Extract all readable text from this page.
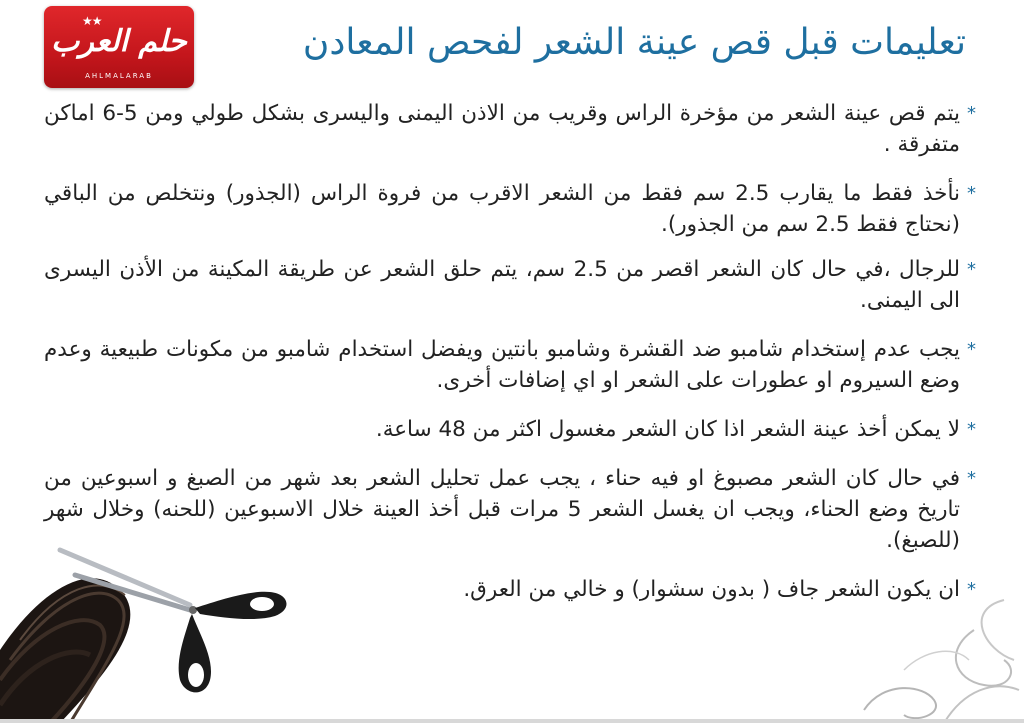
★★
حلم العرب
AHLMALARAB
تعليمات قبل قص عينة الشعر لفحص المعادن
*
يتم قص عينة الشعر من مؤخرة الراس وقريب من الاذن اليمنى واليسرى بشكل طولي ومن 5-6 اماكن متفرقة .
*
نأخذ فقط ما يقارب 2.5 سم فقط من الشعر الاقرب من فروة الراس (الجذور) ونتخلص من الباقي (نحتاج فقط 2.5 سم من الجذور).
*
للرجال ،في حال كان الشعر اقصر من 2.5 سم، يتم حلق الشعر عن طريقة المكينة من الأذن اليسرى الى اليمنى.
*
يجب عدم إستخدام شامبو ضد القشرة وشامبو بانتين ويفضل استخدام شامبو من مكونات طبيعية وعدم وضع السيروم او عطورات على الشعر او اي إضافات أخرى.
*
لا يمكن أخذ عينة الشعر اذا كان الشعر مغسول اكثر من 48 ساعة.
*
في حال كان الشعر مصبوغ او فيه حناء ، يجب عمل تحليل الشعر بعد شهر من الصبغ و اسبوعين من تاريخ وضع الحناء، ويجب ان يغسل الشعر 5 مرات قبل أخذ العينة خلال الاسبوعين (للحنه) وخلال شهر (للصبغ).
*
ان يكون الشعر جاف ( بدون سشوار) و خالي من العرق.
